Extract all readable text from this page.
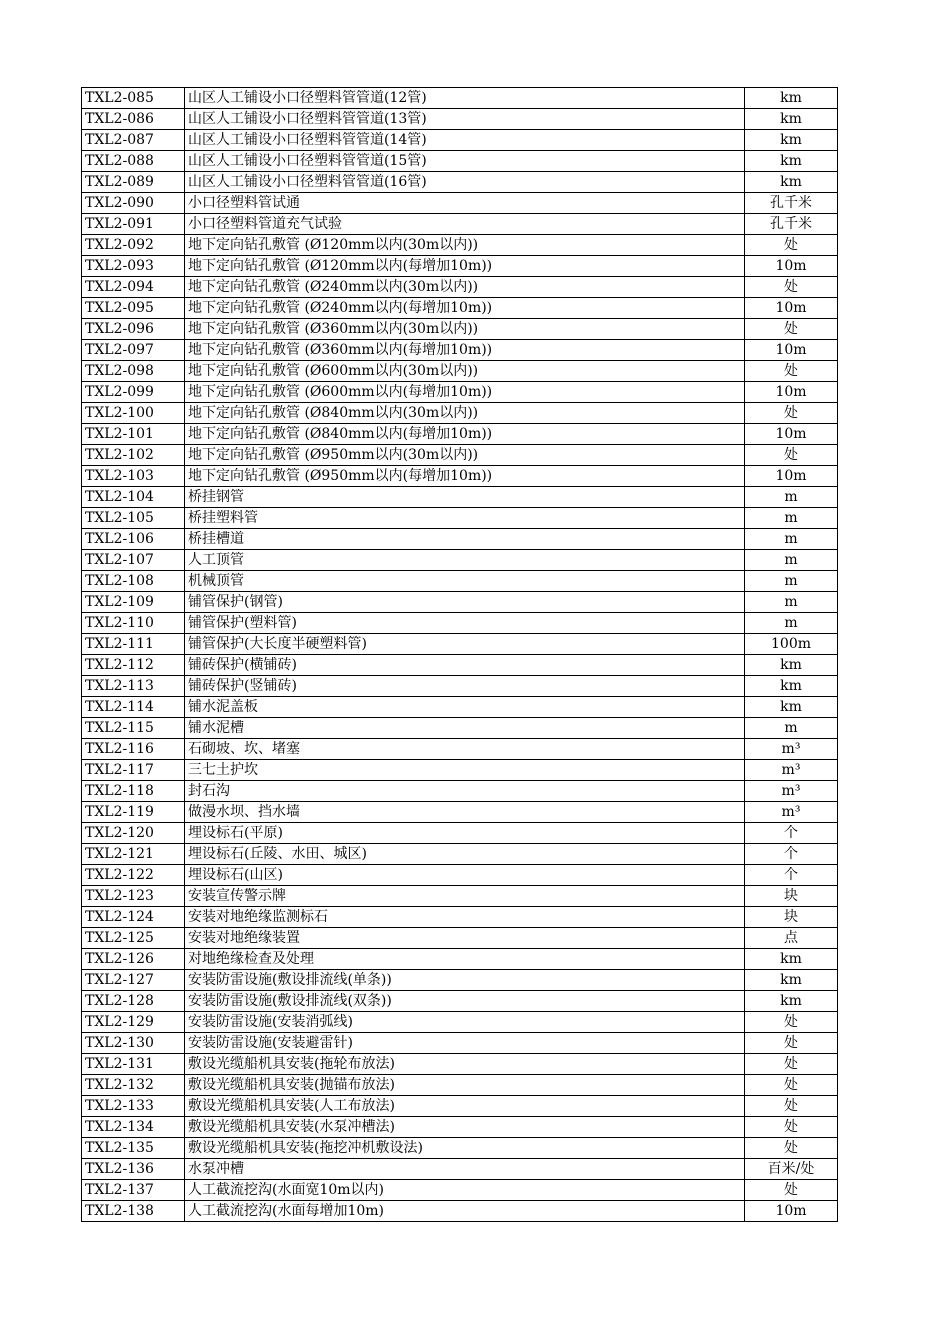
TXL2-085	山区人工铺设小口径塑料管管道(12管)	km
TXL2-086	山区人工铺设小口径塑料管管道(13管)	km
TXL2-087	山区人工铺设小口径塑料管管道(14管)	km
TXL2-088	山区人工铺设小口径塑料管管道(15管)	km
TXL2-089	山区人工铺设小口径塑料管管道(16管)	km
TXL2-090	小口径塑料管试通	孔千米
TXL2-091	小口径塑料管道充气试验	孔千米
TXL2-092	地下定向钻孔敷管 (Ø120mm以内(30m以内))	处
TXL2-093	地下定向钻孔敷管 (Ø120mm以内(每增加10m))	10m
TXL2-094	地下定向钻孔敷管 (Ø240mm以内(30m以内))	处
TXL2-095	地下定向钻孔敷管 (Ø240mm以内(每增加10m))	10m
TXL2-096	地下定向钻孔敷管 (Ø360mm以内(30m以内))	处
TXL2-097	地下定向钻孔敷管 (Ø360mm以内(每增加10m))	10m
TXL2-098	地下定向钻孔敷管 (Ø600mm以内(30m以内))	处
TXL2-099	地下定向钻孔敷管 (Ø600mm以内(每增加10m))	10m
TXL2-100	地下定向钻孔敷管 (Ø840mm以内(30m以内))	处
TXL2-101	地下定向钻孔敷管 (Ø840mm以内(每增加10m))	10m
TXL2-102	地下定向钻孔敷管 (Ø950mm以内(30m以内))	处
TXL2-103	地下定向钻孔敷管 (Ø950mm以内(每增加10m))	10m
TXL2-104	桥挂钢管	m
TXL2-105	桥挂塑料管	m
TXL2-106	桥挂槽道	m
TXL2-107	人工顶管	m
TXL2-108	机械顶管	m
TXL2-109	铺管保护(钢管)	m
TXL2-110	铺管保护(塑料管)	m
TXL2-111	铺管保护(大长度半硬塑料管)	100m
TXL2-112	铺砖保护(横铺砖)	km
TXL2-113	铺砖保护(竖铺砖)	km
TXL2-114	铺水泥盖板	km
TXL2-115	铺水泥槽	m
TXL2-116	石砌坡、坎、堵塞	m³
TXL2-117	三七土护坎	m³
TXL2-118	封石沟	m³
TXL2-119	做漫水坝、挡水墙	m³
TXL2-120	埋设标石(平原)	个
TXL2-121	埋设标石(丘陵、水田、城区)	个
TXL2-122	埋设标石(山区)	个
TXL2-123	安装宣传警示牌	块
TXL2-124	安装对地绝缘监测标石	块
TXL2-125	安装对地绝缘装置	点
TXL2-126	对地绝缘检查及处理	km
TXL2-127	安装防雷设施(敷设排流线(单条))	km
TXL2-128	安装防雷设施(敷设排流线(双条))	km
TXL2-129	安装防雷设施(安装消弧线)	处
TXL2-130	安装防雷设施(安装避雷针)	处
TXL2-131	敷设光缆船机具安装(拖轮布放法)	处
TXL2-132	敷设光缆船机具安装(抛锚布放法)	处
TXL2-133	敷设光缆船机具安装(人工布放法)	处
TXL2-134	敷设光缆船机具安装(水泵冲槽法)	处
TXL2-135	敷设光缆船机具安装(拖挖冲机敷设法)	处
TXL2-136	水泵冲槽	百米/处
TXL2-137	人工截流挖沟(水面宽10m以内)	处
TXL2-138	人工截流挖沟(水面每增加10m)	10m
